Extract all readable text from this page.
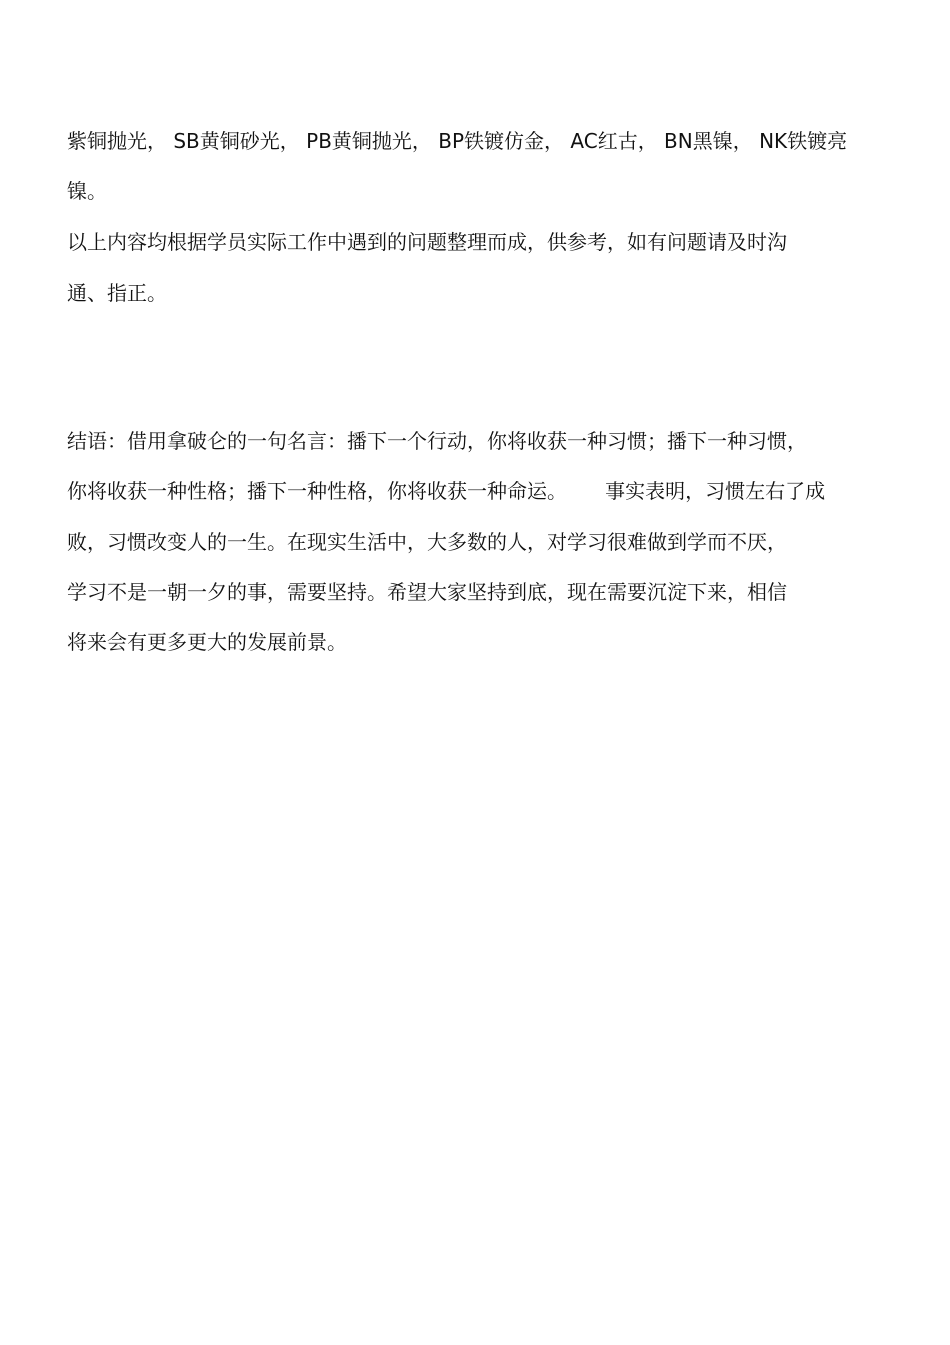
紫铜抛光， SB黄铜砂光， PB黄铜抛光， BP铁镀仿金， AC红古， BN黑镍， NK铁镀亮
镍。
以上内容均根据学员实际工作中遇到的问题整理而成，供参考，如有问题请及时沟
通、指正。
结语：借用拿破仑的一句名言：播下一个行动，你将收获一种习惯；播下一种习惯，
你将收获一种性格；播下一种性格，你将收获一种命运。      事实表明，习惯左右了成
败，习惯改变人的一生。在现实生活中，大多数的人，对学习很难做到学而不厌，
学习不是一朝一夕的事，需要坚持。希望大家坚持到底，现在需要沉淀下来，相信
将来会有更多更大的发展前景。
